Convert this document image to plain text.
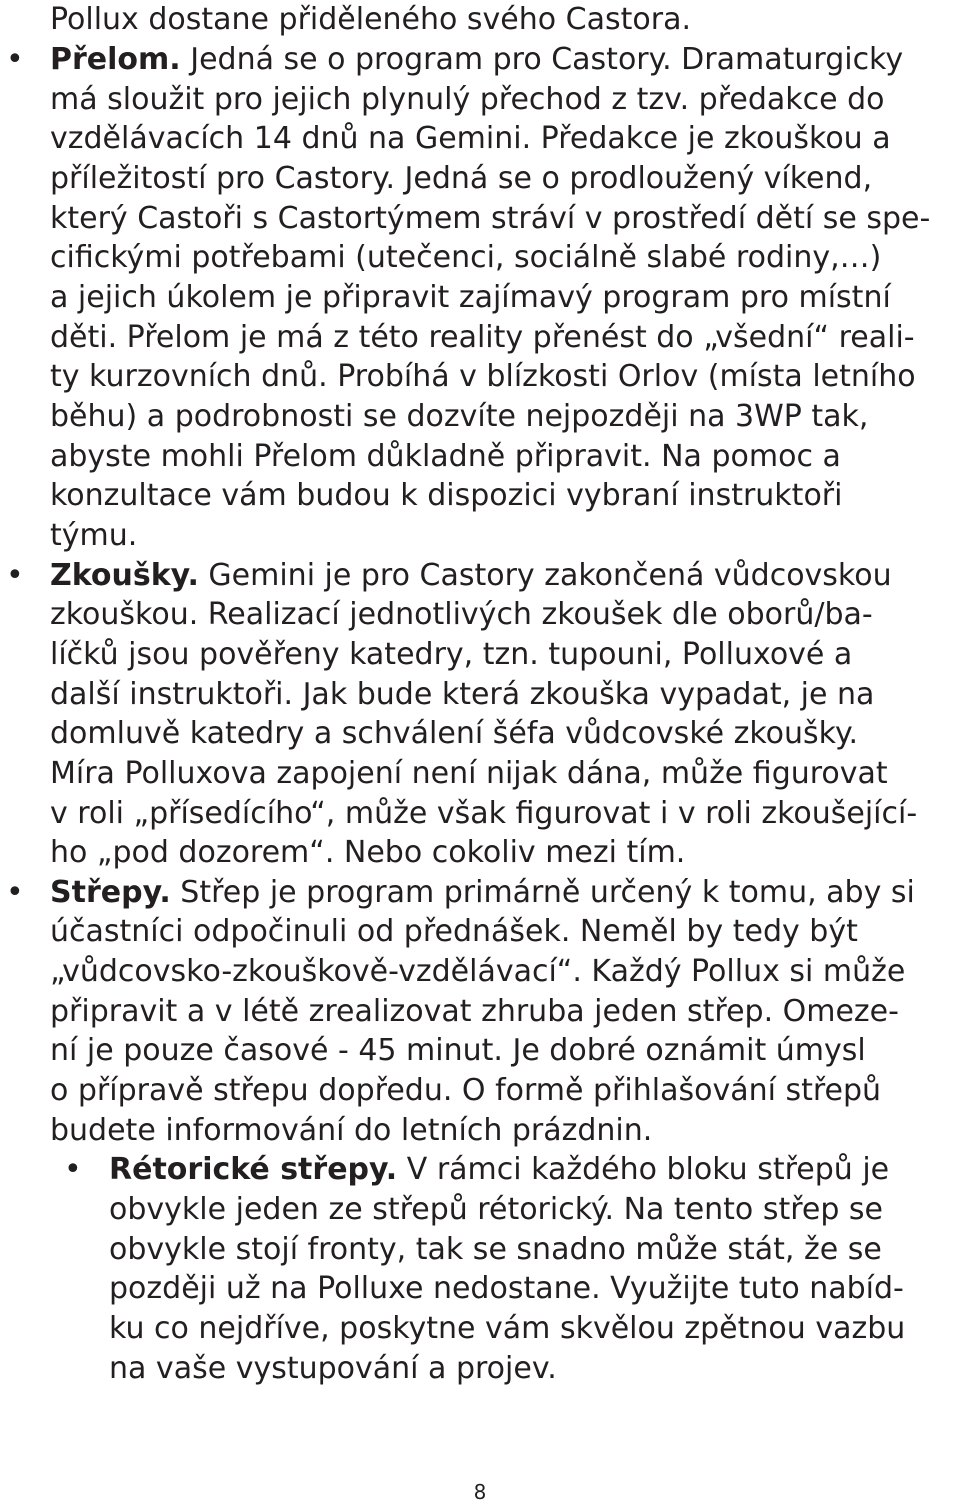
Pollux dostane přiděleného svého Castora.
• Přelom. Jedná se o program pro Castory. Dramaturgicky
má sloužit pro jejich plynulý přechod z tzv. předakce do
vzdělávacích 14 dnů na Gemini. Předakce je zkouškou a
příležitostí pro Castory. Jedná se o prodloužený víkend,
který Castoři s Castortýmem stráví v prostředí dětí se spe-
cifickými potřebami (utečenci, sociálně slabé rodiny,…)
a jejich úkolem je připravit zajímavý program pro místní
děti. Přelom je má z této reality přenést do „všední“ reali-
ty kurzovních dnů. Probíhá v blízkosti Orlov (místa letního
běhu) a podrobnosti se dozvíte nejpozději na 3WP tak,
abyste mohli Přelom důkladně připravit. Na pomoc a
konzultace vám budou k dispozici vybraní instruktoři
týmu.
• Zkoušky. Gemini je pro Castory zakončená vůdcovskou
zkouškou. Realizací jednotlivých zkoušek dle oborů/ba-
líčků jsou pověřeny katedry, tzn. tupouni, Polluxové a
další instruktoři. Jak bude která zkouška vypadat, je na
domluvě katedry a schválení šéfa vůdcovské zkoušky.
Míra Polluxova zapojení není nijak dána, může figurovat
v roli „přísedícího“, může však figurovat i v roli zkoušející-
ho „pod dozorem“. Nebo cokoliv mezi tím.
• Střepy. Střep je program primárně určený k tomu, aby si
účastníci odpočinuli od přednášek. Neměl by tedy být
„vůdcovsko-zkouškově-vzdělávací“. Každý Pollux si může
připravit a v létě zrealizovat zhruba jeden střep. Omeze-
ní je pouze časové - 45 minut. Je dobré oznámit úmysl
o přípravě střepu dopředu. O formě přihlašování střepů
budete informování do letních prázdnin.
• Rétorické střepy. V rámci každého bloku střepů je
obvykle jeden ze střepů rétorický. Na tento střep se
obvykle stojí fronty, tak se snadno může stát, že se
později už na Polluxe nedostane. Využijte tuto nabíd-
ku co nejdříve, poskytne vám skvělou zpětnou vazbu
na vaše vystupování a projev.
8
